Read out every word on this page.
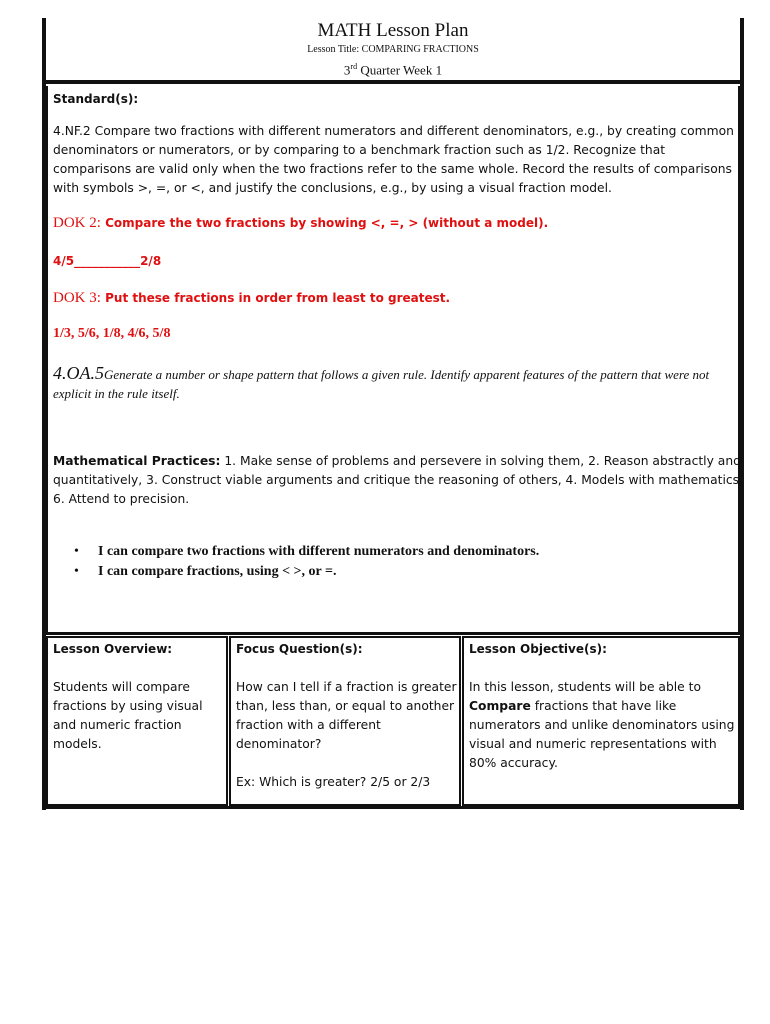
MATH Lesson Plan
Lesson Title: COMPARING FRACTIONS
3rd Quarter Week 1
Standard(s):
4.NF.2 Compare two fractions with different numerators and different denominators, e.g., by creating common denominators or numerators, or by comparing to a benchmark fraction such as 1/2. Recognize that comparisons are valid only when the two fractions refer to the same whole. Record the results of comparisons with symbols >, =, or <, and justify the conclusions, e.g., by using a visual fraction model.
DOK 2: Compare the two fractions by showing <, =, > (without a model).
4/5___________2/8
DOK 3: Put these fractions in order from least to greatest.
1/3, 5/6, 1/8, 4/6, 5/8
4.OA.5Generate a number or shape pattern that follows a given rule. Identify apparent features of the pattern that were not explicit in the rule itself.
Mathematical Practices: 1. Make sense of problems and persevere in solving them, 2. Reason abstractly and quantitatively, 3. Construct viable arguments and critique the reasoning of others, 4. Models with mathematics, 6. Attend to precision.
•	I can compare two fractions with different numerators and denominators.
•	I can compare fractions, using < >, or =.
Lesson Overview:
Students will compare fractions by using visual and numeric fraction models.
Focus Question(s):
How can I tell if a fraction is greater than, less than, or equal to another fraction with a different denominator?
Ex: Which is greater? 2/5 or 2/3
Lesson Objective(s):
In this lesson, students will be able to Compare fractions that have like numerators and unlike denominators using visual and numeric representations with 80% accuracy.
